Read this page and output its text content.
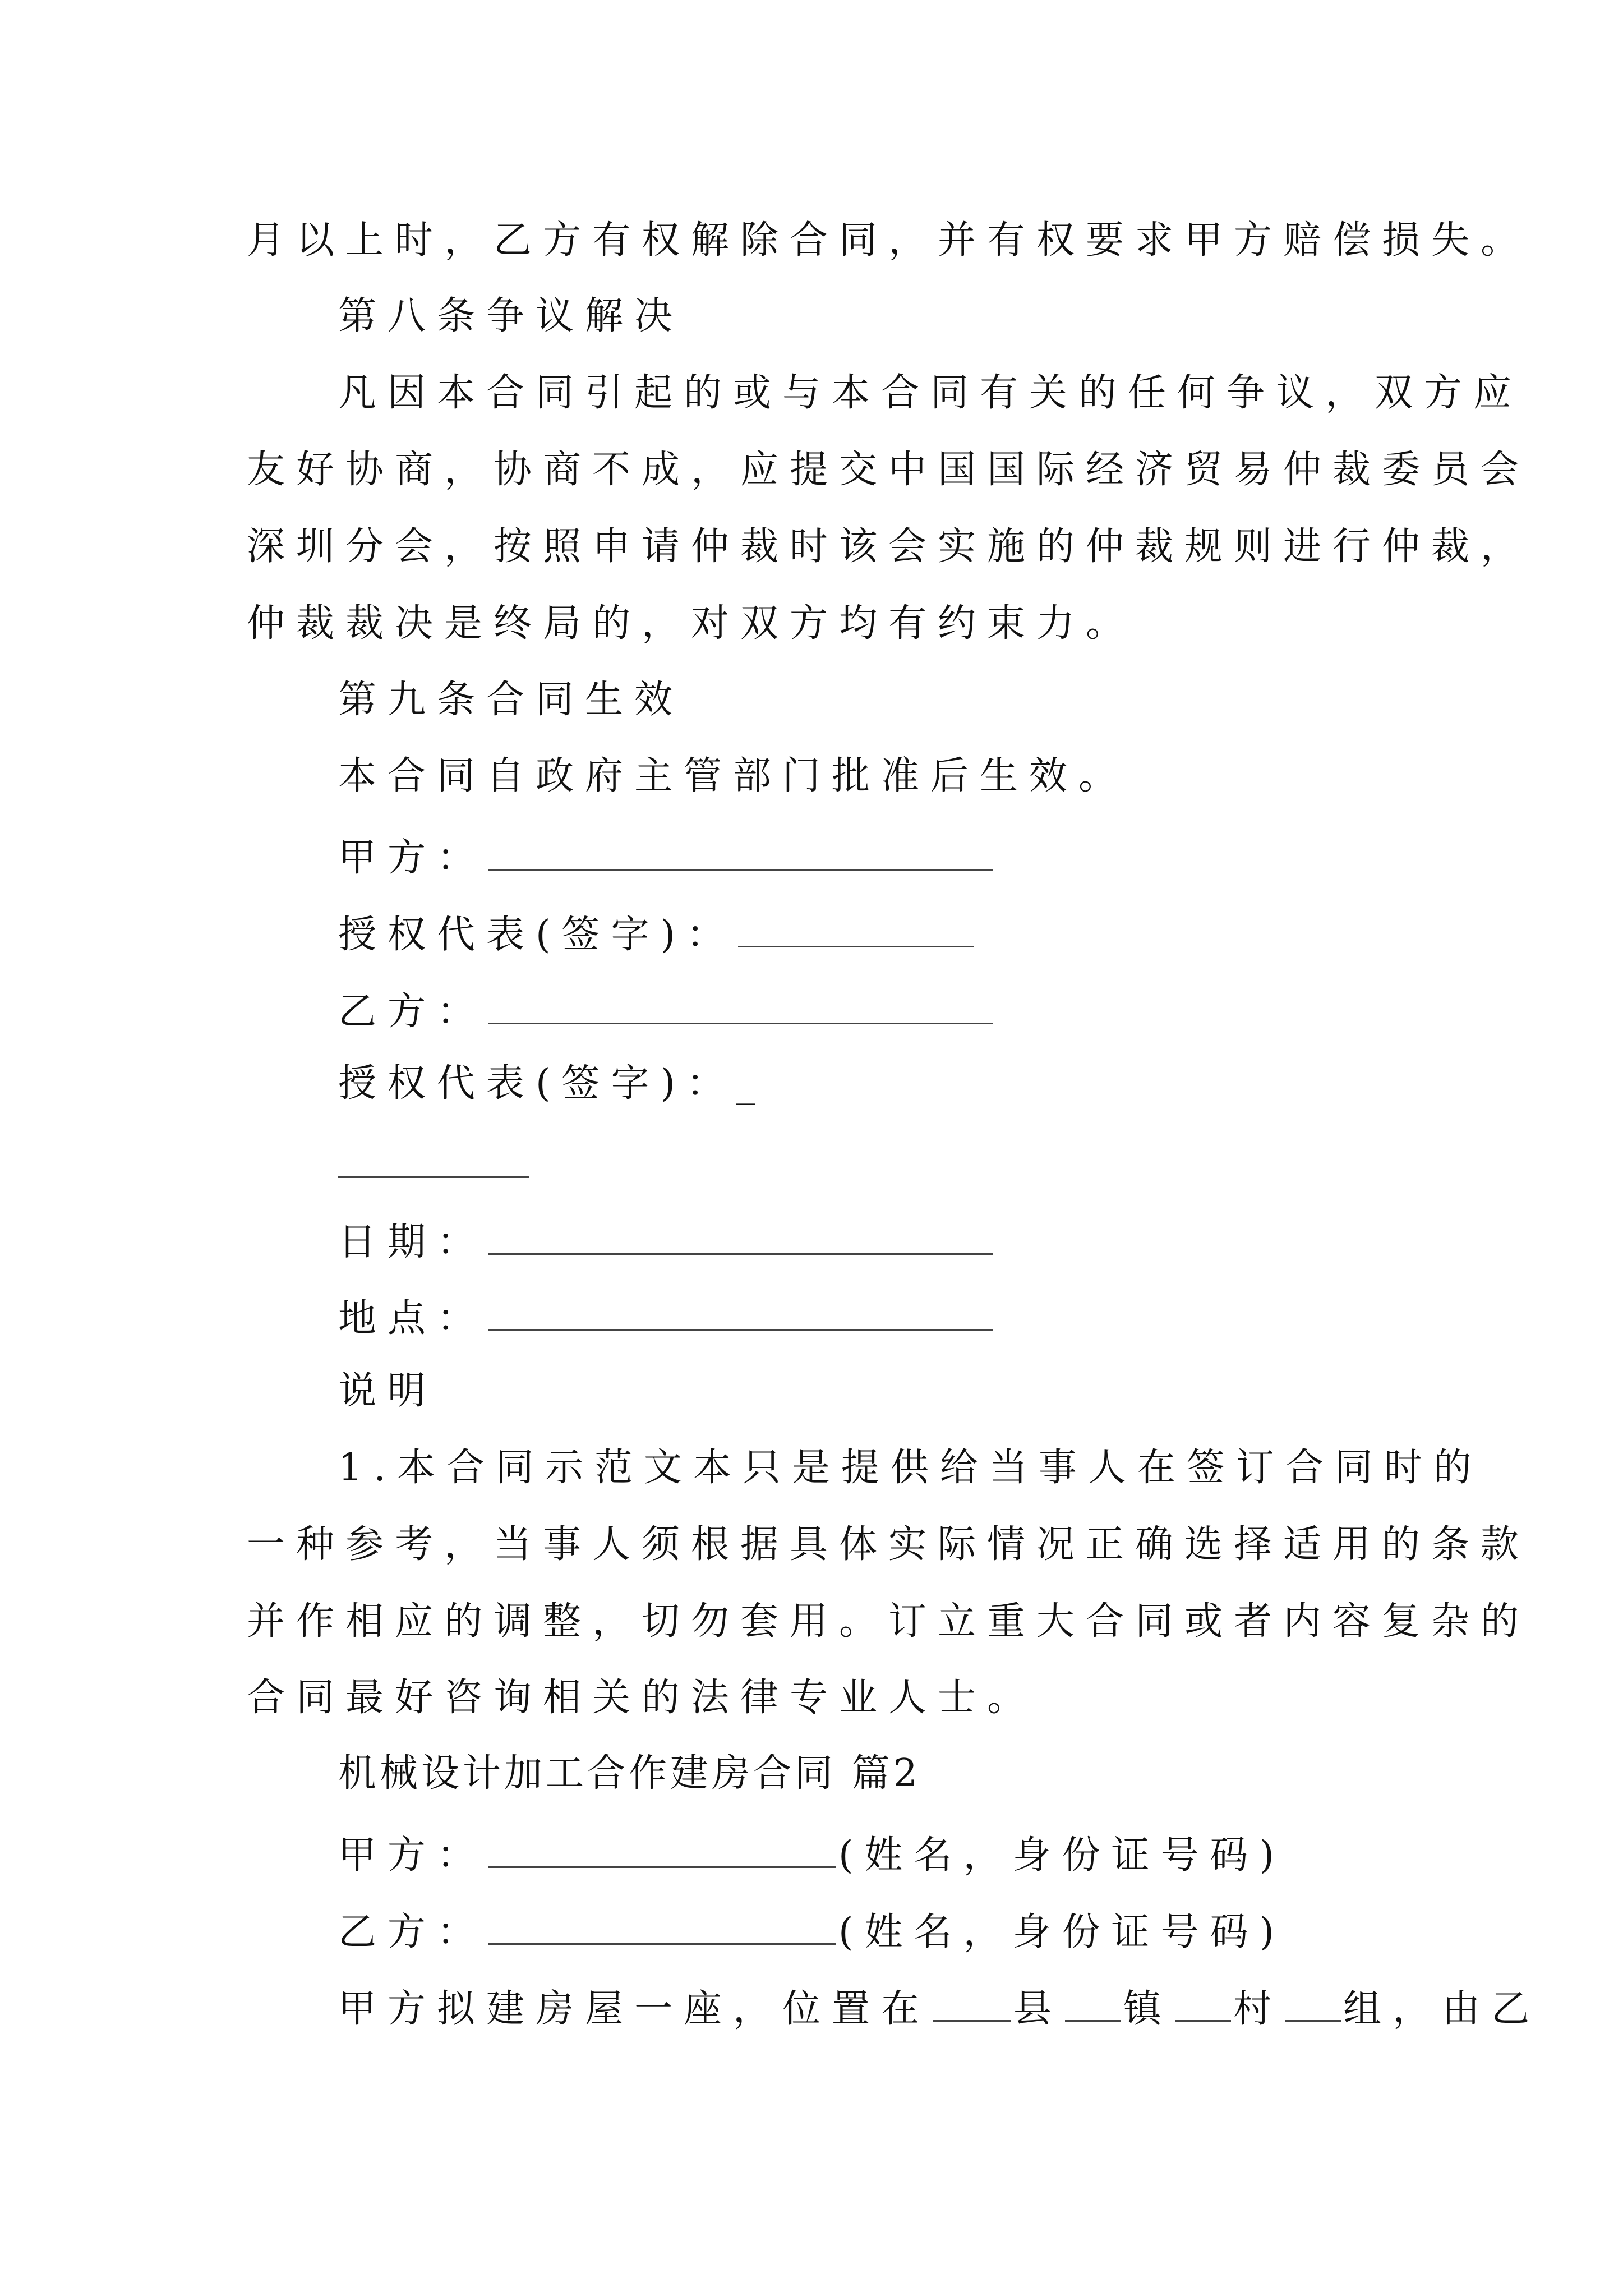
月以上时，乙方有权解除合同，并有权要求甲方赔偿损失。
第八条争议解决
凡因本合同引起的或与本合同有关的任何争议，双方应
友好协商，协商不成，应提交中国国际经济贸易仲裁委员会
深圳分会，按照申请仲裁时该会实施的仲裁规则进行仲裁，
仲裁裁决是终局的，对双方均有约束力。
第九条合同生效
本合同自政府主管部门批准后生效。
甲方：
授权代表(签字)：
乙方：
授权代表(签字)：_
日期：
地点：
说明
1.本合同示范文本只是提供给当事人在签订合同时的
一种参考，当事人须根据具体实际情况正确选择适用的条款
并作相应的调整，切勿套用。订立重大合同或者内容复杂的
合同最好咨询相关的法律专业人士。
机械设计加工合作建房合同 篇2
甲方：	(姓名，身份证号码)
乙方：	(姓名，身份证号码)
甲方拟建房屋一座，位置在 县 镇 村 组，由乙
